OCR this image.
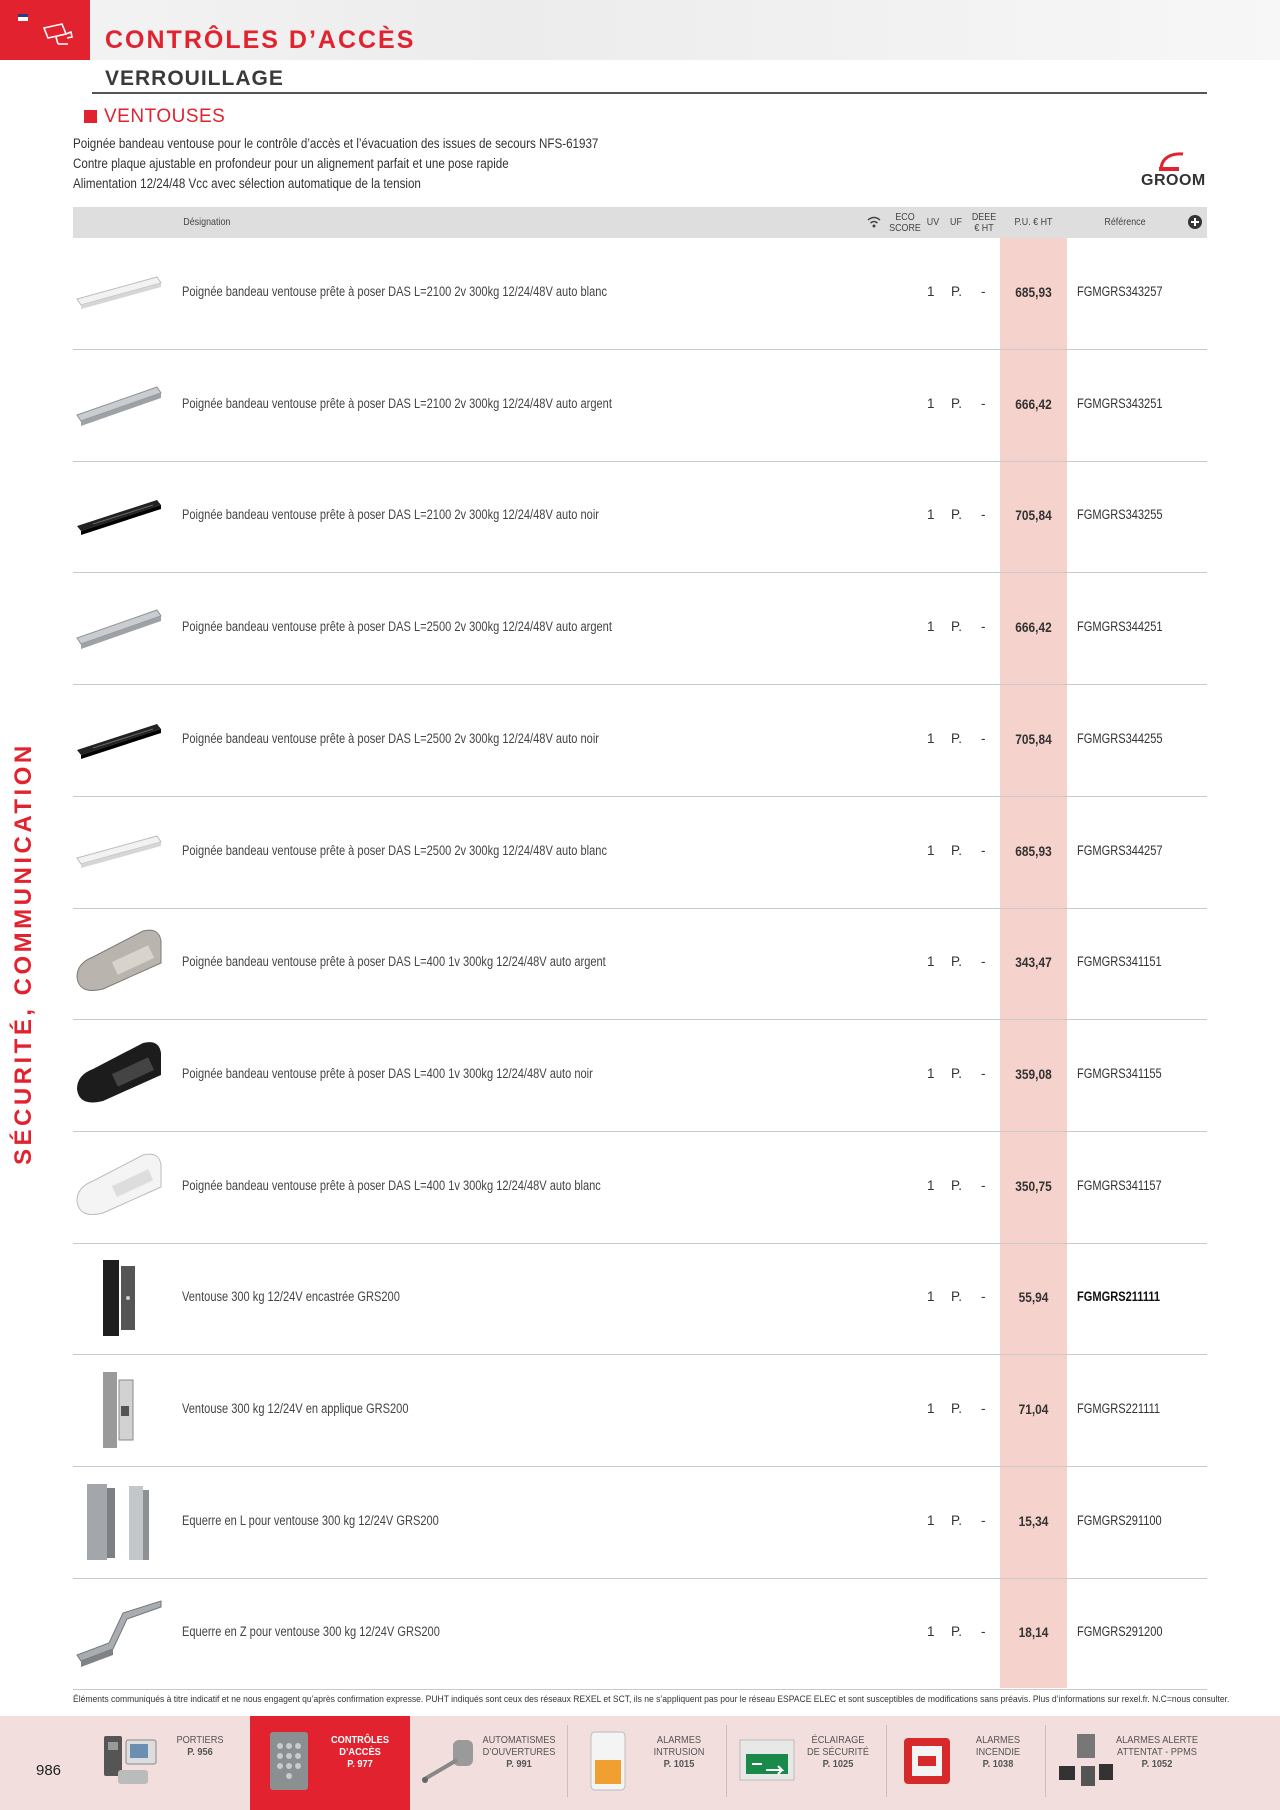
CONTRÔLES D’ACCÈS
VERROUILLAGE
VENTOUSES
Poignée bandeau ventouse pour le contrôle d’accès et l’évacuation des issues de secours NFS-61937
Contre plaque ajustable en profondeur pour un alignement parfait et une pose rapide
Alimentation 12/24/48 Vcc avec sélection automatique de la tension	GROOM
Désignation	ECO SCORE UV	UF DEEE € HT	P.U. € HT	Référence
Poignée bandeau ventouse prête à poser DAS L=2100 2v 300kg 12/24/48V auto blanc	1 P. -	685,93	FGMGRS343257
Poignée bandeau ventouse prête à poser DAS L=2100 2v 300kg 12/24/48V auto argent	1 P. -	666,42	FGMGRS343251
Poignée bandeau ventouse prête à poser DAS L=2100 2v 300kg 12/24/48V auto noir	1 P. -	705,84	FGMGRS343255
Poignée bandeau ventouse prête à poser DAS L=2500 2v 300kg 12/24/48V auto argent	1 P. -	666,42	FGMGRS344251
Poignée bandeau ventouse prête à poser DAS L=2500 2v 300kg 12/24/48V auto noir	1 P. -	705,84	FGMGRS344255
Poignée bandeau ventouse prête à poser DAS L=2500 2v 300kg 12/24/48V auto blanc	1 P. -	685,93	FGMGRS344257
Poignée bandeau ventouse prête à poser DAS L=400 1v 300kg 12/24/48V auto argent	1 P. -	343,47	FGMGRS341151
Poignée bandeau ventouse prête à poser DAS L=400 1v 300kg 12/24/48V auto noir	1 P. -	359,08	FGMGRS341155
Poignée bandeau ventouse prête à poser DAS L=400 1v 300kg 12/24/48V auto blanc	1 P. -	350,75	FGMGRS341157
Ventouse 300 kg 12/24V encastrée GRS200	1 P. -	55,94	FGMGRS211111
Ventouse 300 kg 12/24V en applique GRS200	1 P. -	71,04	FGMGRS221111
Equerre en L pour ventouse 300 kg 12/24V GRS200	1 P. -	15,34	FGMGRS291100
Equerre en Z pour ventouse 300 kg 12/24V GRS200	1 P. -	18,14	FGMGRS291200
SÉCURITÉ, COMMUNICATION
Éléments communiqués à titre indicatif et ne nous engagent qu’après confirmation expresse. PUHT indiqués sont ceux des réseaux REXEL et SCT, ils ne s’appliquent pas pour le réseau ESPACE ELEC et sont susceptibles de modifications sans préavis. Plus d’informations sur rexel.fr. N.C=nous consulter.
986
PORTIERS
P. 956
CONTRÔLES
D’ACCÈS
P. 977
AUTOMATISMES
D’OUVERTURES
P. 991
ALARMES
INTRUSION
P. 1015
ÉCLAIRAGE
DE SÉCURITÉ
P. 1025
ALARMES
INCENDIE
P. 1038
ALARMES ALERTE
ATTENTAT - PPMS
P. 1052
